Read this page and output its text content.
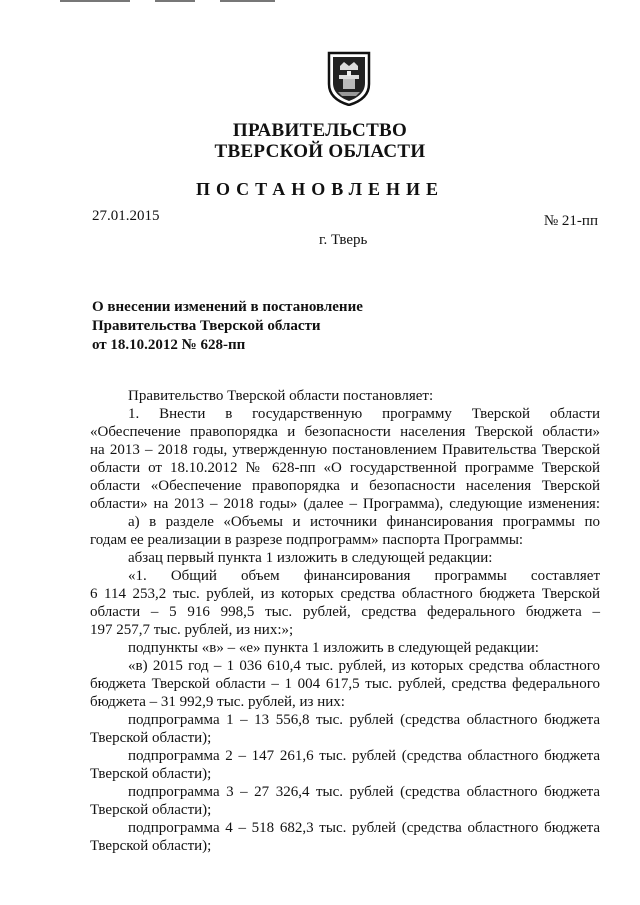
ПРАВИТЕЛЬСТВО
ТВЕРСКОЙ ОБЛАСТИ
ПОСТАНОВЛЕНИЕ
27.01.2015	№ 21-пп
г. Тверь
О внесении изменений в постановление
Правительства Тверской области
от 18.10.2012 № 628-пп

Правительство Тверской области постановляет:

1. Внести в государственную программу Тверской области
«Обеспечение правопорядка и безопасности населения Тверской области»
на 2013 – 2018 годы, утвержденную постановлением Правительства Тверской
области от 18.10.2012 № 628-пп «О государственной программе Тверской
области «Обеспечение правопорядка и безопасности населения Тверской
области» на 2013 – 2018 годы» (далее – Программа), следующие изменения:

а) в разделе «Объемы и источники финансирования программы по
годам ее реализации в разрезе подпрограмм» паспорта Программы:

абзац первый пункта 1 изложить в следующей редакции:

«1. Общий объем финансирования программы составляет
6 114 253,2 тыс. рублей, из которых средства областного бюджета Тверской
области – 5 916 998,5 тыс. рублей, средства федерального бюджета –
197 257,7 тыс. рублей, из них:»;

подпункты «в» – «е» пункта 1 изложить в следующей редакции:

«в) 2015 год – 1 036 610,4 тыс. рублей, из которых средства областного
бюджета Тверской области – 1 004 617,5 тыс. рублей, средства федерального
бюджета – 31 992,9 тыс. рублей, из них:

подпрограмма 1 – 13 556,8 тыс. рублей (средства областного бюджета
Тверской области);

подпрограмма 2 – 147 261,6 тыс. рублей (средства областного бюджета
Тверской области);

подпрограмма 3 – 27 326,4 тыс. рублей (средства областного бюджета
Тверской области);

подпрограмма 4 – 518 682,3 тыс. рублей (средства областного бюджета
Тверской области);
